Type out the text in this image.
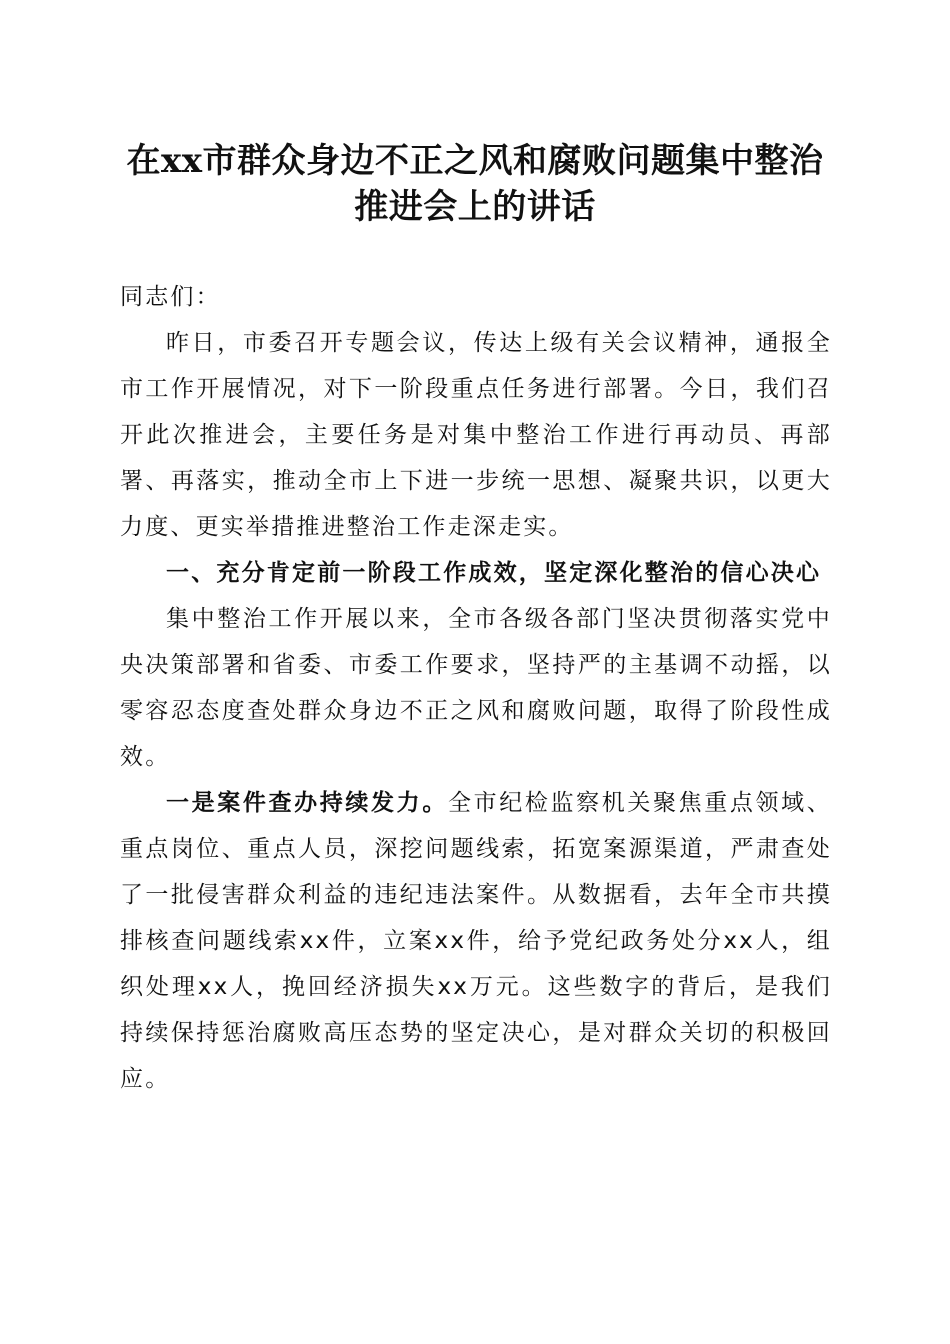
在xx市群众身边不正之风和腐败问题集中整治推进会上的讲话

同志们：

昨日，市委召开专题会议，传达上级有关会议精神，通报全市工作开展情况，对下一阶段重点任务进行部署。今日，我们召开此次推进会，主要任务是对集中整治工作进行再动员、再部署、再落实，推动全市上下进一步统一思想、凝聚共识，以更大力度、更实举措推进整治工作走深走实。

一、充分肯定前一阶段工作成效，坚定深化整治的信心决心

集中整治工作开展以来，全市各级各部门坚决贯彻落实党中央决策部署和省委、市委工作要求，坚持严的主基调不动摇，以零容忍态度查处群众身边不正之风和腐败问题，取得了阶段性成效。

一是案件查办持续发力。全市纪检监察机关聚焦重点领域、重点岗位、重点人员，深挖问题线索，拓宽案源渠道，严肃查处了一批侵害群众利益的违纪违法案件。从数据看，去年全市共摸排核查问题线索xx件，立案xx件，给予党纪政务处分xx人，组织处理xx人，挽回经济损失xx万元。这些数字的背后，是我们持续保持惩治腐败高压态势的坚定决心，是对群众关切的积极回应。
